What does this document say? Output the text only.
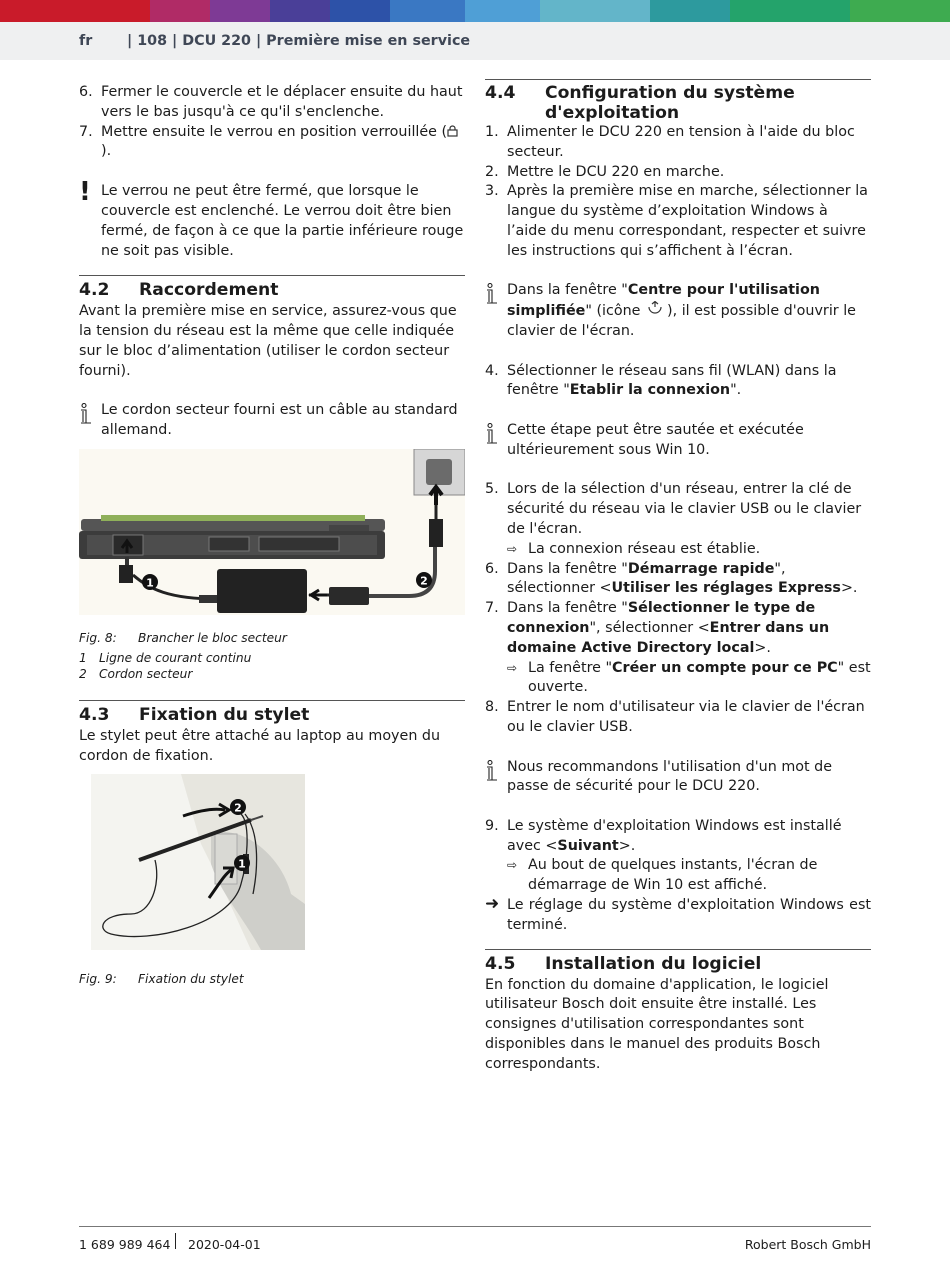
fr | 108 | DCU 220 | Première mise en service
6. Fermer le couvercle et le déplacer ensuite du haut vers le bas jusqu'à ce qu'il s'enclenche.
7. Mettre ensuite le verrou en position verrouillée ().
! Le verrou ne peut être fermé, que lorsque le couvercle est enclenché. Le verrou doit être bien fermé, de façon à ce que la partie inférieure rouge ne soit pas visible.
4.2 Raccordement
Avant la première mise en service, assurez-vous que la tension du réseau est la même que celle indiquée sur le bloc d’alimentation (utiliser le cordon secteur fourni).
Le cordon secteur fourni est un câble au standard allemand.
1	2
Fig. 8: Brancher le bloc secteur
1 Ligne de courant continu
2 Cordon secteur
4.3 Fixation du stylet
Le stylet peut être attaché au laptop au moyen du cordon de fixation.
2
1
Fig. 9: Fixation du stylet
4.4 Configuration du système d'exploitation
1. Alimenter le DCU 220 en tension à l'aide du bloc secteur.
2. Mettre le DCU 220 en marche.
3. Après la première mise en marche, sélectionner la langue du système d’exploitation Windows à l’aide du menu correspondant, respecter et suivre les instructions qui s’affichent à l’écran.
Dans la fenêtre "Centre pour l'utilisation simplifiée" (icône ), il est possible d'ouvrir le clavier de l'écran.
4. Sélectionner le réseau sans fil (WLAN) dans la fenêtre "Etablir la connexion".
Cette étape peut être sautée et exécutée ultérieurement sous Win 10.
5. Lors de la sélection d'un réseau, entrer la clé de sécurité du réseau via le clavier USB ou le clavier de l'écran.
⇨ La connexion réseau est établie.
6. Dans la fenêtre "Démarrage rapide", sélectionner <Utiliser les réglages Express>.
7. Dans la fenêtre "Sélectionner le type de connexion", sélectionner <Entrer dans un domaine Active Directory local>.
⇨ La fenêtre "Créer un compte pour ce PC" est ouverte.
8. Entrer le nom d'utilisateur via le clavier de l'écran ou le clavier USB.
Nous recommandons l'utilisation d'un mot de passe de sécurité pour le DCU 220.
9. Le système d'exploitation Windows est installé avec <Suivant>.
⇨ Au bout de quelques instants, l'écran de démarrage de Win 10 est affiché.
➜ Le réglage du système d'exploitation Windows est terminé.
4.5 Installation du logiciel
En fonction du domaine d'application, le logiciel utilisateur Bosch doit ensuite être installé. Les consignes d'utilisation correspondantes sont disponibles dans le manuel des produits Bosch correspondants.
1 689 989 464 2020-04-01	Robert Bosch GmbH
